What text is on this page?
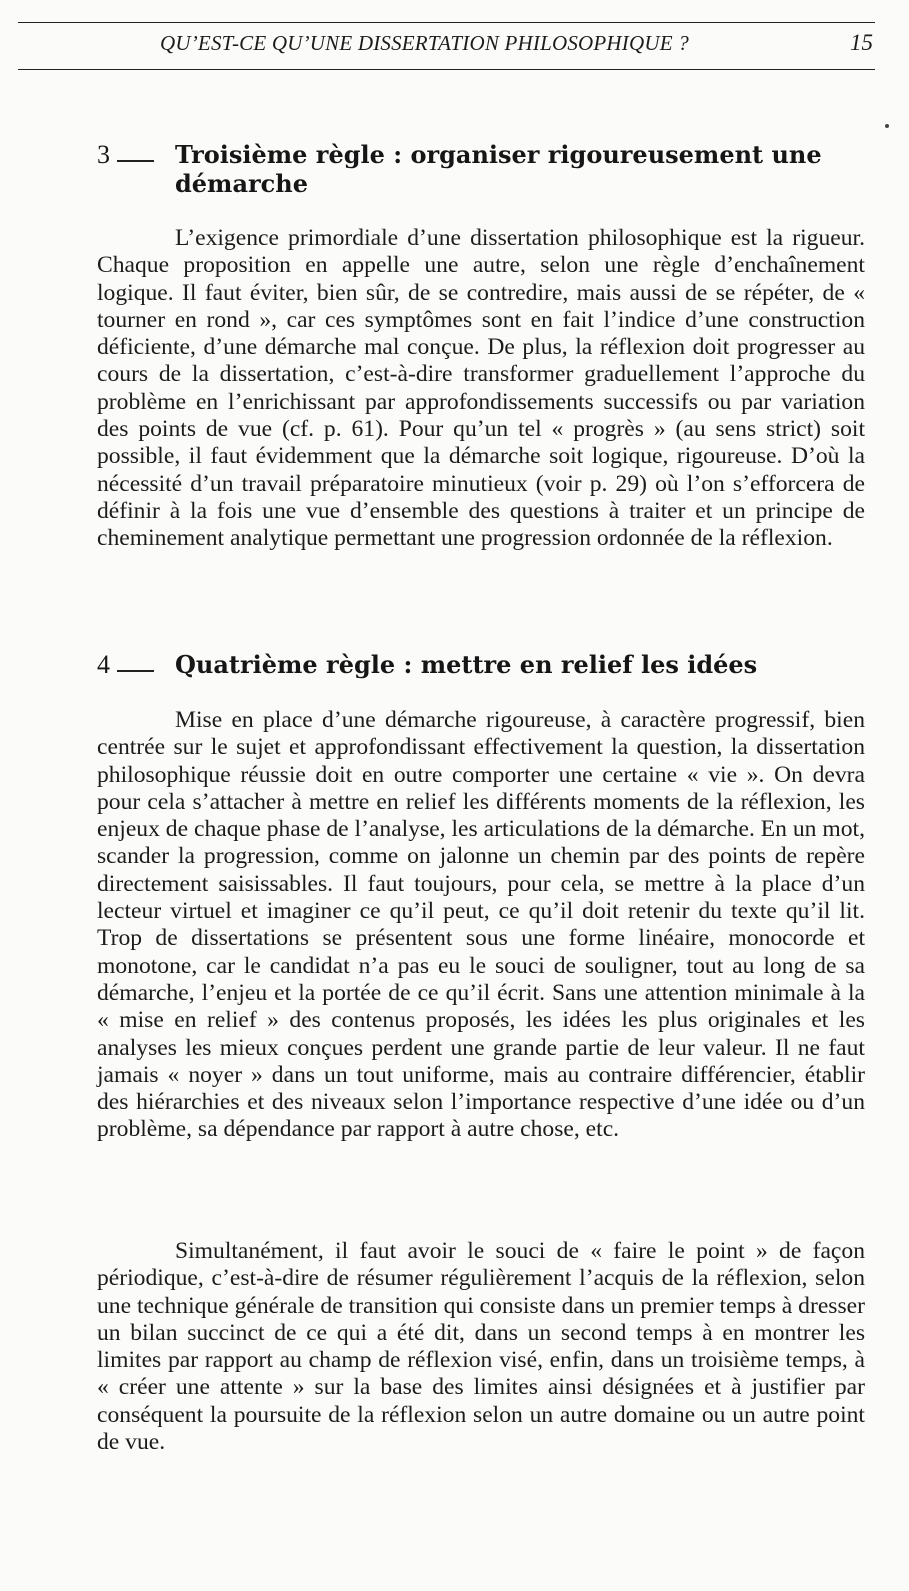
QU’EST-CE QU’UNE DISSERTATION PHILOSOPHIQUE ?	15
3	Troisième règle : organiser rigoureusement une démarche

L’exigence primordiale d’une dissertation philosophique est la rigueur. Chaque proposition en appelle une autre, selon une règle d’enchaînement logique. Il faut éviter, bien sûr, de se contredire, mais aussi de se répéter, de « tourner en rond », car ces symptômes sont en fait l’indice d’une construction déficiente, d’une démarche mal conçue. De plus, la réflexion doit progresser au cours de la dissertation, c’est-à-dire transformer graduellement l’approche du problème en l’enrichissant par approfondissements successifs ou par variation des points de vue (cf. p. 61). Pour qu’un tel « progrès » (au sens strict) soit possible, il faut évidemment que la démarche soit logique, rigoureuse. D’où la nécessité d’un travail préparatoire minutieux (voir p. 29) où l’on s’efforcera de définir à la fois une vue d’ensemble des questions à traiter et un principe de cheminement analytique permettant une progression ordonnée de la réflexion.

4	Quatrième règle : mettre en relief les idées

Mise en place d’une démarche rigoureuse, à caractère progressif, bien centrée sur le sujet et approfondissant effectivement la question, la dissertation philosophique réussie doit en outre comporter une certaine « vie ». On devra pour cela s’attacher à mettre en relief les différents moments de la réflexion, les enjeux de chaque phase de l’analyse, les articulations de la démarche. En un mot, scander la progression, comme on jalonne un chemin par des points de repère directement saisissables. Il faut toujours, pour cela, se mettre à la place d’un lecteur virtuel et imaginer ce qu’il peut, ce qu’il doit retenir du texte qu’il lit. Trop de dissertations se présentent sous une forme linéaire, monocorde et monotone, car le candidat n’a pas eu le souci de souligner, tout au long de sa démarche, l’enjeu et la portée de ce qu’il écrit. Sans une attention minimale à la « mise en relief » des contenus proposés, les idées les plus originales et les analyses les mieux conçues perdent une grande partie de leur valeur. Il ne faut jamais « noyer » dans un tout uniforme, mais au contraire différencier, établir des hiérarchies et des niveaux selon l’importance respective d’une idée ou d’un problème, sa dépendance par rapport à autre chose, etc.

Simultanément, il faut avoir le souci de « faire le point » de façon périodique, c’est-à-dire de résumer régulièrement l’acquis de la réflexion, selon une technique générale de transition qui consiste dans un premier temps à dresser un bilan succinct de ce qui a été dit, dans un second temps à en montrer les limites par rapport au champ de réflexion visé, enfin, dans un troisième temps, à « créer une attente » sur la base des limites ainsi désignées et à justifier par conséquent la poursuite de la réflexion selon un autre domaine ou un autre point de vue.
